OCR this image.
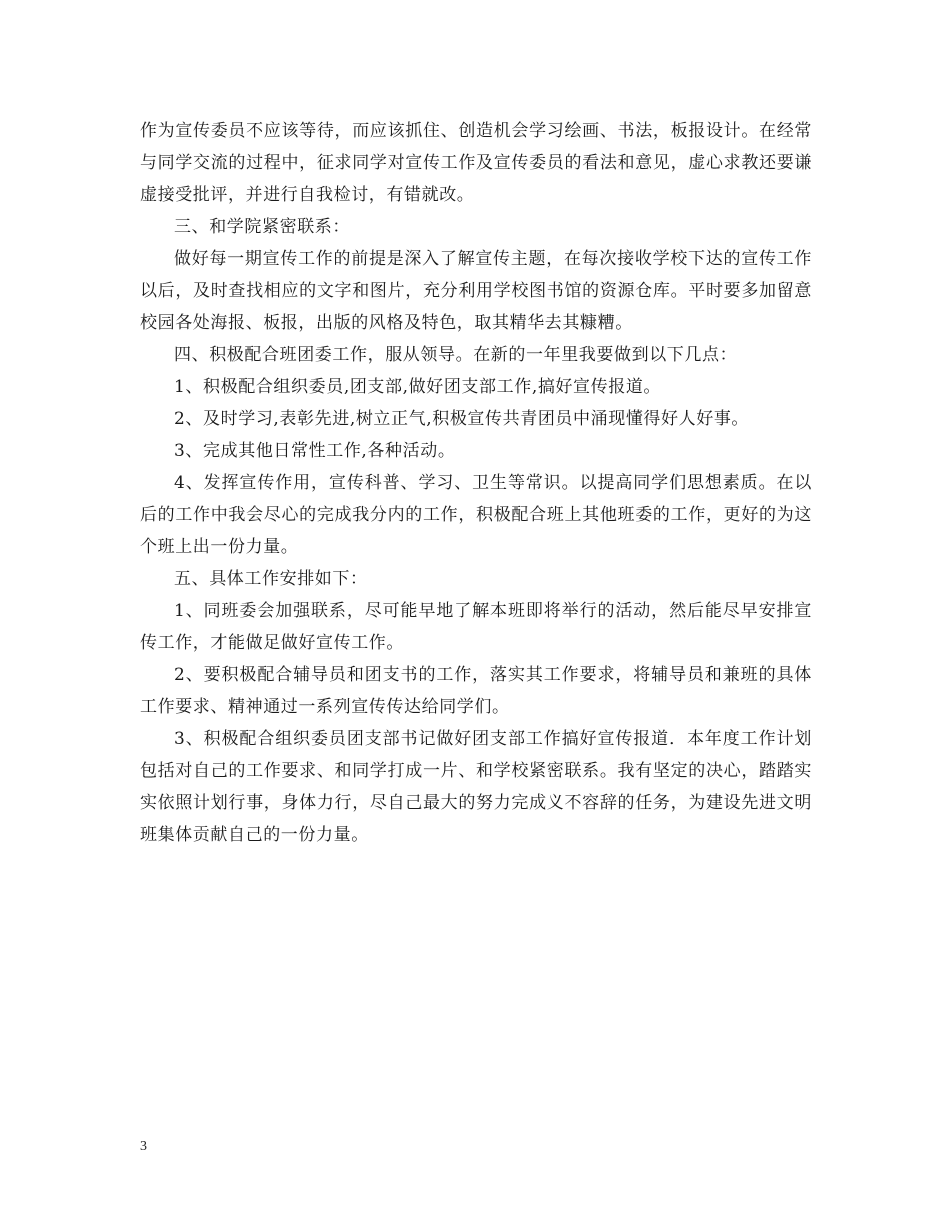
作为宣传委员不应该等待，而应该抓住、创造机会学习绘画、书法，板报设计。在经常与同学交流的过程中，征求同学对宣传工作及宣传委员的看法和意见，虚心求教还要谦虚接受批评，并进行自我检讨，有错就改。

三、和学院紧密联系：

做好每一期宣传工作的前提是深入了解宣传主题，在每次接收学校下达的宣传工作以后，及时查找相应的文字和图片，充分利用学校图书馆的资源仓库。平时要多加留意校园各处海报、板报，出版的风格及特色，取其精华去其糠糟。

四、积极配合班团委工作，服从领导。在新的一年里我要做到以下几点：

1、积极配合组织委员,团支部,做好团支部工作,搞好宣传报道。

2、及时学习,表彰先进,树立正气,积极宣传共青团员中涌现懂得好人好事。

3、完成其他日常性工作,各种活动。

4、发挥宣传作用，宣传科普、学习、卫生等常识。以提高同学们思想素质。在以后的工作中我会尽心的完成我分内的工作，积极配合班上其他班委的工作，更好的为这个班上出一份力量。

五、具体工作安排如下：

1、同班委会加强联系，尽可能早地了解本班即将举行的活动，然后能尽早安排宣传工作，才能做足做好宣传工作。

2、要积极配合辅导员和团支书的工作，落实其工作要求，将辅导员和兼班的具体工作要求、精神通过一系列宣传传达给同学们。

3、积极配合组织委员团支部书记做好团支部工作搞好宣传报道．本年度工作计划包括对自己的工作要求、和同学打成一片、和学校紧密联系。我有坚定的决心，踏踏实实依照计划行事，身体力行，尽自己最大的努力完成义不容辞的任务，为建设先进文明班集体贡献自己的一份力量。

3
